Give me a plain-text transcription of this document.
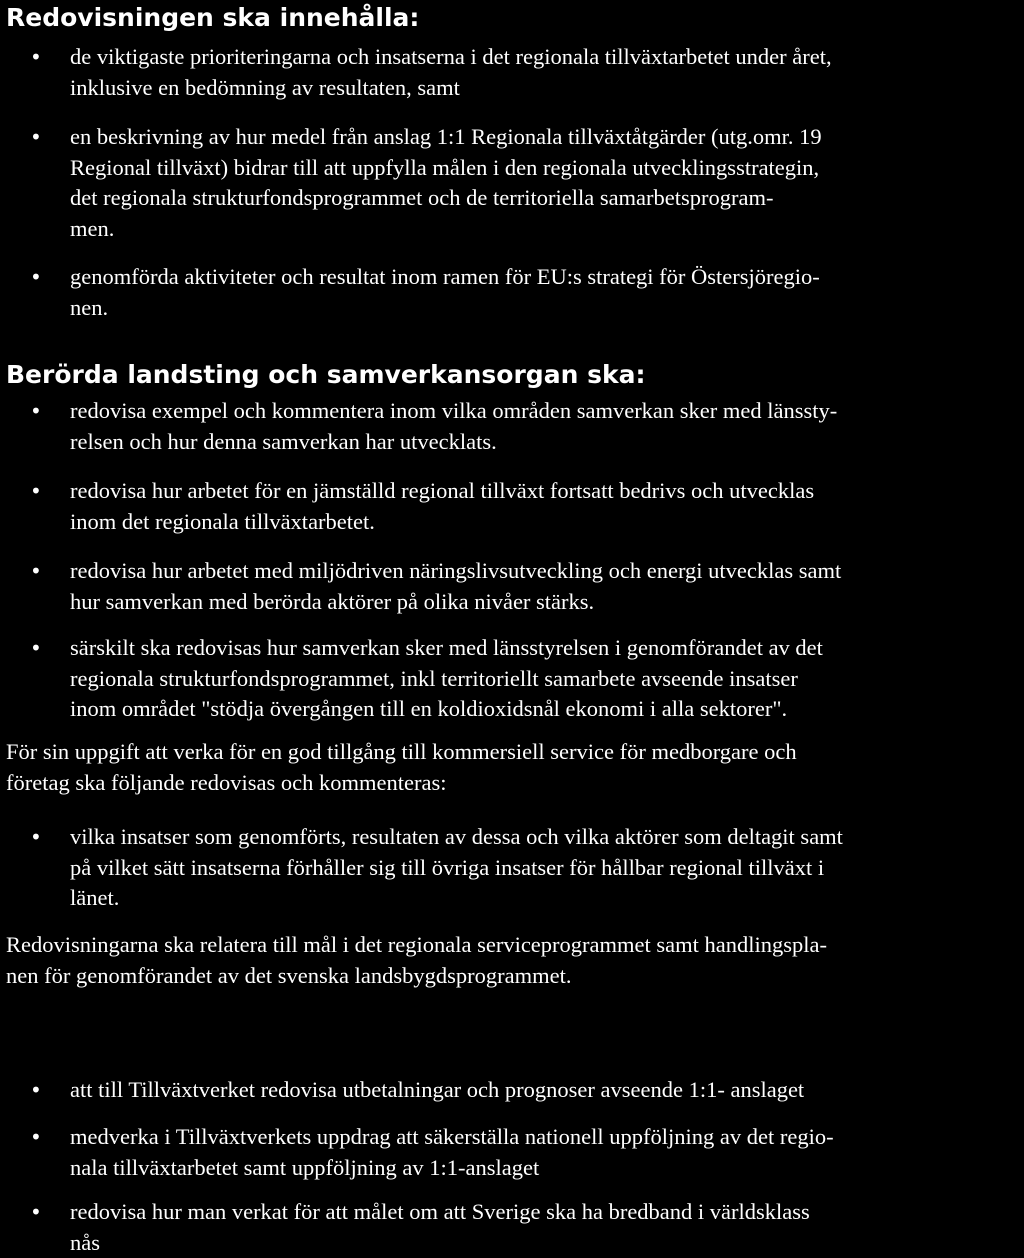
Redovisningen ska innehålla:
• de viktigaste prioriteringarna och insatserna i det regionala tillväxtarbetet under året,
inklusive en bedömning av resultaten, samt

• en beskrivning av hur medel från anslag 1:1 Regionala tillväxtåtgärder (utg.omr. 19
Regional tillväxt) bidrar till att uppfylla målen i den regionala utvecklingsstrategin,
det regionala strukturfondsprogrammet och de territoriella samarbetsprogram-
men.

• genomförda aktiviteter och resultat inom ramen för EU:s strategi för Östersjöregio-
nen.

Berörda landsting och samverkansorgan ska:
• redovisa exempel och kommentera inom vilka områden samverkan sker med länssty-
relsen och hur denna samverkan har utvecklats.

• redovisa hur arbetet för en jämställd regional tillväxt fortsatt bedrivs och utvecklas
inom det regionala tillväxtarbetet.

• redovisa hur arbetet med miljödriven näringslivsutveckling och energi utvecklas samt
hur samverkan med berörda aktörer på olika nivåer stärks.

• särskilt ska redovisas hur samverkan sker med länsstyrelsen i genomförandet av det
regionala strukturfondsprogrammet, inkl territoriellt samarbete avseende insatser
inom området "stödja övergången till en koldioxidsnål ekonomi i alla sektorer".

För sin uppgift att verka för en god tillgång till kommersiell service för medborgare och
företag ska följande redovisas och kommenteras:

• vilka insatser som genomförts, resultaten av dessa och vilka aktörer som deltagit samt
på vilket sätt insatserna förhåller sig till övriga insatser för hållbar regional tillväxt i
länet.

Redovisningarna ska relatera till mål i det regionala serviceprogrammet samt handlingspla-
nen för genomförandet av det svenska landsbygdsprogrammet.

• att till Tillväxtverket redovisa utbetalningar och prognoser avseende 1:1- anslaget

• medverka i Tillväxtverkets uppdrag att säkerställa nationell uppföljning av det regio-
nala tillväxtarbetet samt uppföljning av 1:1-anslaget

• redovisa hur man verkat för att målet om att Sverige ska ha bredband i världsklass
nås
